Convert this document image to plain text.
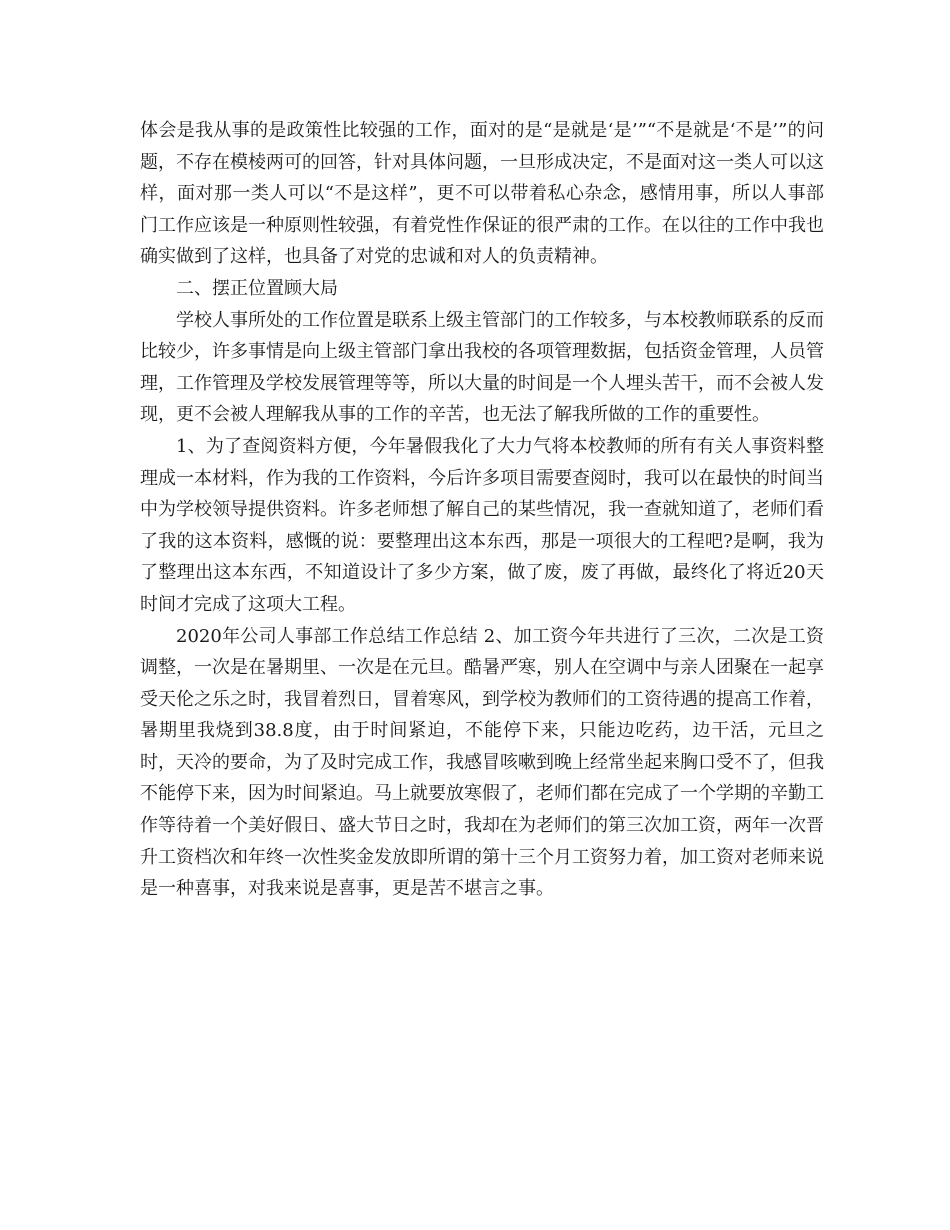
体会是我从事的是政策性比较强的工作，面对的是“是就是‘是’”“不是就是‘不是’”的问题，不存在模棱两可的回答，针对具体问题，一旦形成决定，不是面对这一类人可以这样，面对那一类人可以“不是这样”，更不可以带着私心杂念，感情用事，所以人事部门工作应该是一种原则性较强，有着党性作保证的很严肃的工作。在以往的工作中我也确实做到了这样，也具备了对党的忠诚和对人的负责精神。

二、摆正位置顾大局

学校人事所处的工作位置是联系上级主管部门的工作较多，与本校教师联系的反而比较少，许多事情是向上级主管部门拿出我校的各项管理数据，包括资金管理，人员管理，工作管理及学校发展管理等等，所以大量的时间是一个人埋头苦干，而不会被人发现，更不会被人理解我从事的工作的辛苦，也无法了解我所做的工作的重要性。

1、为了查阅资料方便，今年暑假我化了大力气将本校教师的所有有关人事资料整理成一本材料，作为我的工作资料，今后许多项目需要查阅时，我可以在最快的时间当中为学校领导提供资料。许多老师想了解自己的某些情况，我一查就知道了，老师们看了我的这本资料，感慨的说：要整理出这本东西，那是一项很大的工程吧?是啊，我为了整理出这本东西，不知道设计了多少方案，做了废，废了再做，最终化了将近20天时间才完成了这项大工程。

2020年公司人事部工作总结工作总结 2、加工资今年共进行了三次，二次是工资调整，一次是在暑期里、一次是在元旦。酷暑严寒，别人在空调中与亲人团聚在一起享受天伦之乐之时，我冒着烈日，冒着寒风，到学校为教师们的工资待遇的提高工作着，暑期里我烧到38.8度，由于时间紧迫，不能停下来，只能边吃药，边干活，元旦之时，天冷的要命，为了及时完成工作，我感冒咳嗽到晚上经常坐起来胸口受不了，但我不能停下来，因为时间紧迫。马上就要放寒假了，老师们都在完成了一个学期的辛勤工作等待着一个美好假日、盛大节日之时，我却在为老师们的第三次加工资，两年一次晋升工资档次和年终一次性奖金发放即所谓的第十三个月工资努力着，加工资对老师来说是一种喜事，对我来说是喜事，更是苦不堪言之事。
